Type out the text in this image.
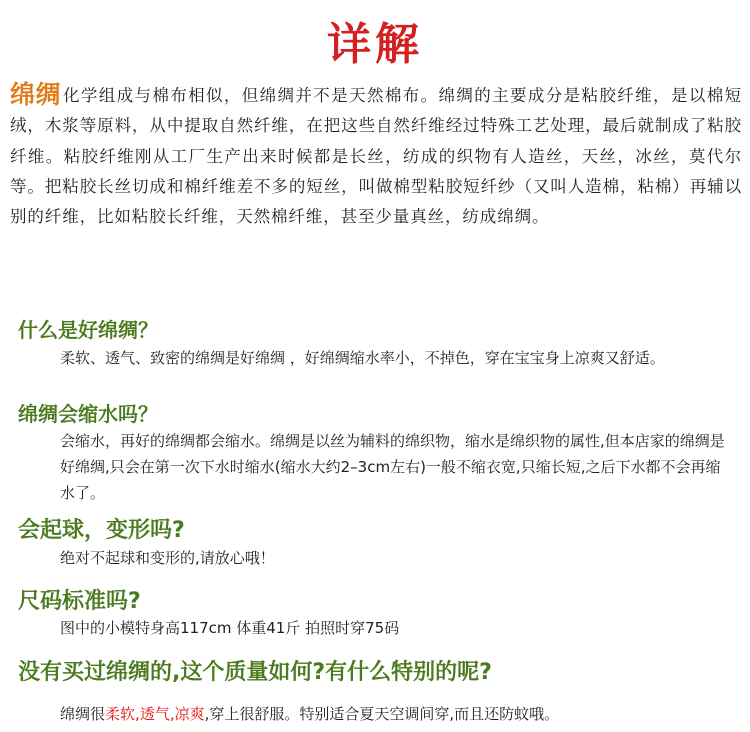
详解
绵绸 化学组成与棉布相似，但绵绸并不是天然棉布。绵绸的主要成分是粘胶纤维，是以棉短绒，木浆等原料，从中提取自然纤维，在把这些自然纤维经过特殊工艺处理，最后就制成了粘胶纤维。粘胶纤维刚从工厂生产出来时候都是长丝，纺成的织物有人造丝，天丝，冰丝，莫代尔等。把粘胶长丝切成和棉纤维差不多的短丝，叫做棉型粘胶短纤纱（又叫人造棉，粘棉）再辅以别的纤维，比如粘胶长纤维，天然棉纤维，甚至少量真丝，纺成绵绸。
什么是好绵绸？
柔软、透气、致密的绵绸是好绵绸 ，好绵绸缩水率小，不掉色，穿在宝宝身上凉爽又舒适。
绵绸会缩水吗？
会缩水，再好的绵绸都会缩水。绵绸是以丝为辅料的绵织物，缩水是绵织物的属性,但本店家的绵绸是好绵绸,只会在第一次下水时缩水(缩水大约2–3cm左右)一般不缩衣宽,只缩长短,之后下水都不会再缩水了。
会起球，变形吗?
绝对不起球和变形的,请放心哦！
尺码标准吗?
图中的小模特身高117cm 体重41斤 拍照时穿75码
没有买过绵绸的,这个质量如何?有什么特别的呢?
绵绸很柔软,透气,凉爽,穿上很舒服。特别适合夏天空调间穿,而且还防蚊哦。
